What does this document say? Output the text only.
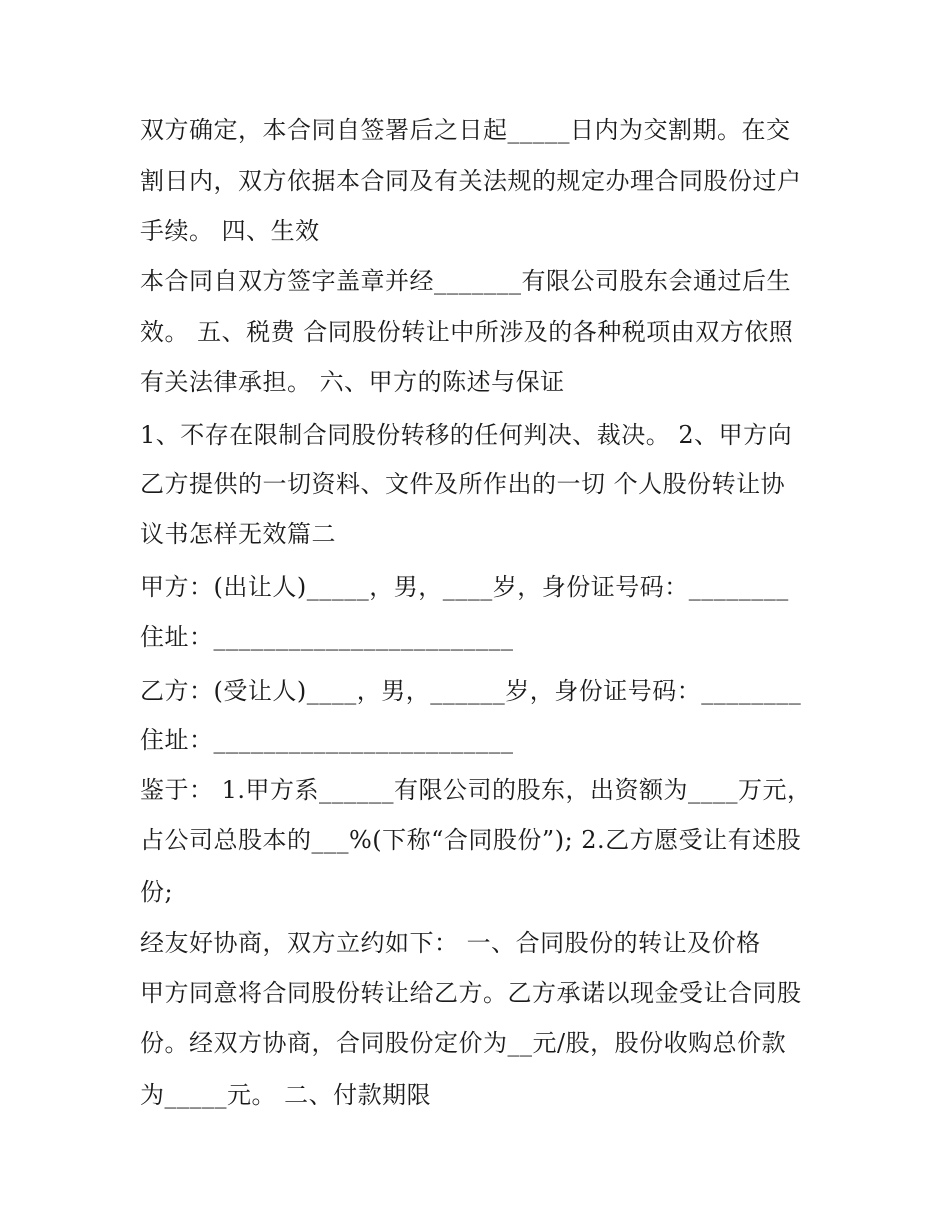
双方确定，本合同自签署后之日起_____日内为交割期。在交
割日内，双方依据本合同及有关法规的规定办理合同股份过户
手续。 四、生效
本合同自双方签字盖章并经_______有限公司股东会通过后生
效。 五、税费 合同股份转让中所涉及的各种税项由双方依照
有关法律承担。 六、甲方的陈述与保证
1、不存在限制合同股份转移的任何判决、裁决。 2、甲方向
乙方提供的一切资料、文件及所作出的一切 个人股份转让协
议书怎样无效篇二
甲方：(出让人)_____，男，____岁，身份证号码：________
住址：________________________
乙方：(受让人)____，男，______岁，身份证号码：________
住址：________________________
鉴于： 1.甲方系______有限公司的股东，出资额为____万元，
占公司总股本的___%(下称“合同股份”); 2.乙方愿受让有述股
份;
经友好协商，双方立约如下： 一、合同股份的转让及价格
甲方同意将合同股份转让给乙方。乙方承诺以现金受让合同股
份。经双方协商，合同股份定价为__元/股，股份收购总价款
为_____元。 二、付款期限
